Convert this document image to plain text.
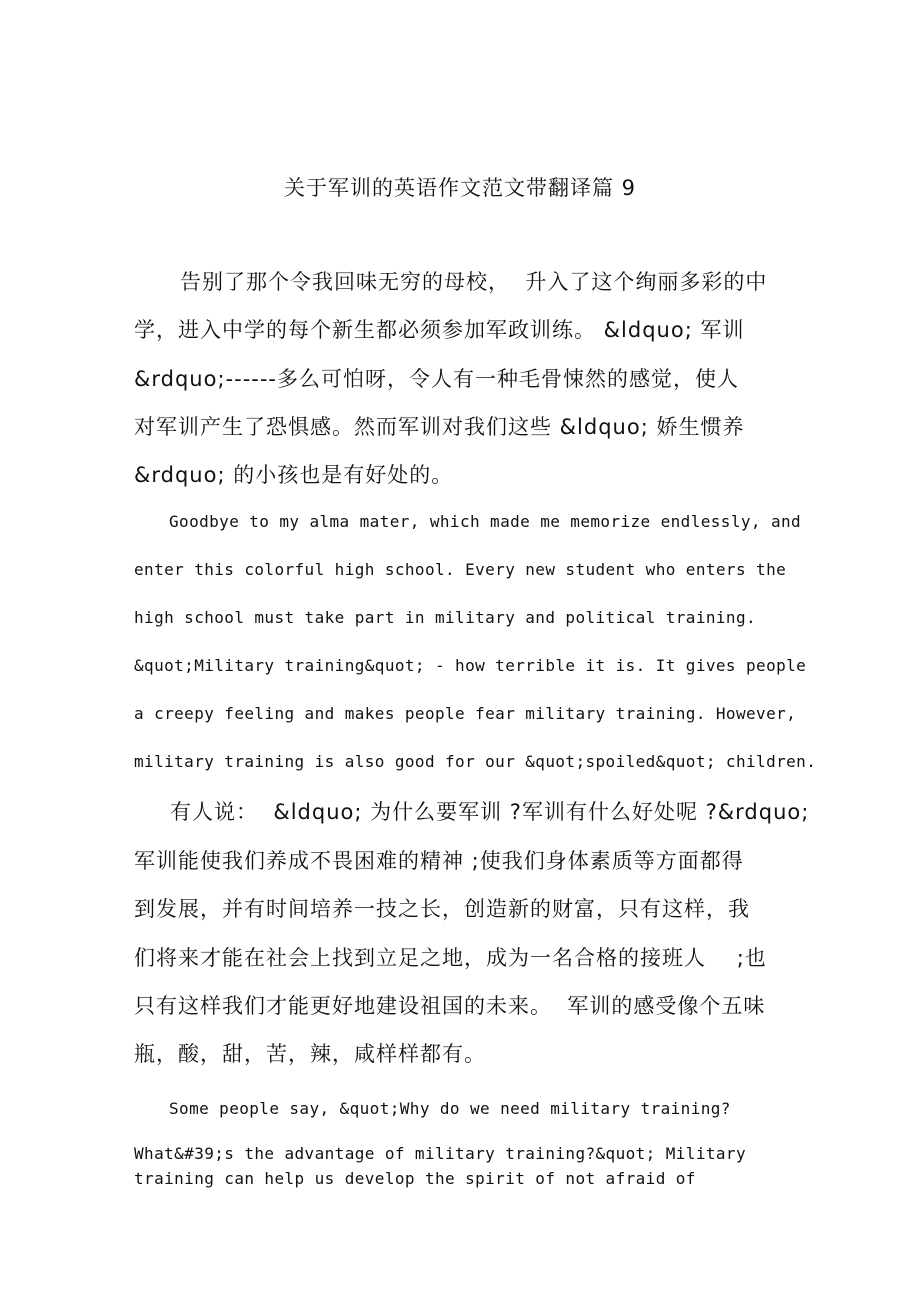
关于军训的英语作文范文带翻译篇 9

告别了那个令我回味无穷的母校，  升入了这个绚丽多彩的中

学，进入中学的每个新生都必须参加军政训练。 &ldquo; 军训

&rdquo;------多么可怕呀，令人有一种毛骨悚然的感觉，使人

对军训产生了恐惧感。然而军训对我们这些 &ldquo; 娇生惯养

&rdquo; 的小孩也是有好处的。

Goodbye to my alma mater, which made me memorize endlessly, and

enter this colorful high school. Every new student who enters the

high school must take part in military and political training.

&quot;Military training&quot; - how terrible it is. It gives people

a creepy feeling and makes people fear military training. However,

military training is also good for our &quot;spoiled&quot; children.

有人说：  &ldquo; 为什么要军训 ?军训有什么好处呢 ?&rdquo;

军训能使我们养成不畏困难的精神 ;使我们身体素质等方面都得

到发展，并有时间培养一技之长，创造新的财富，只有这样，我

们将来才能在社会上找到立足之地，成为一名合格的接班人    ;也

只有这样我们才能更好地建设祖国的未来。  军训的感受像个五味

瓶，酸，甜，苦，辣，咸样样都有。

Some people say, &quot;Why do we need military training?

What&#39;s the advantage of military training?&quot; Military

training can help us develop the spirit of not afraid of
